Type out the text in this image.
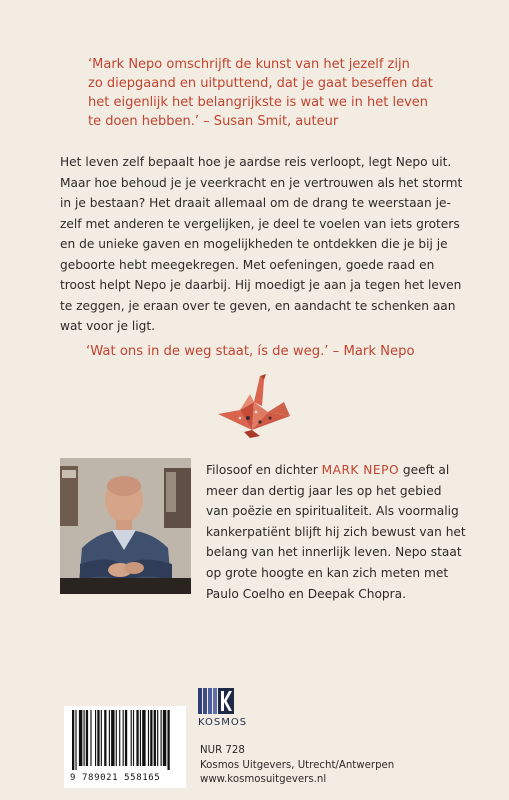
‘Mark Nepo omschrijft de kunst van het jezelf zijn
zo diepgaand en uitputtend, dat je gaat beseffen dat
het eigenlijk het belangrijkste is wat we in het leven
te doen hebben.’ – Susan Smit, auteur
Het leven zelf bepaalt hoe je aardse reis verloopt, legt Nepo uit.
Maar hoe behoud je je veerkracht en je vertrouwen als het stormt
in je bestaan? Het draait allemaal om de drang te weerstaan je-
zelf met anderen te vergelijken, je deel te voelen van iets groters
en de unieke gaven en mogelijkheden te ontdekken die je bij je
geboorte hebt meegekregen. Met oefeningen, goede raad en
troost helpt Nepo je daarbij. Hij moedigt je aan ja tegen het leven
te zeggen, je eraan over te geven, en aandacht te schenken aan
wat voor je ligt.
‘Wat ons in de weg staat, ís de weg.’ – Mark Nepo
Filosoof en dichter MARK NEPO geeft al
meer dan dertig jaar les op het gebied
van poëzie en spiritualiteit. Als voormalig
kankerpatiënt blijft hij zich bewust van het
belang van het innerlijk leven. Nepo staat
op grote hoogte en kan zich meten met
Paulo Coelho en Deepak Chopra.
KOSMOS
9 789021 558165
NUR 728
Kosmos Uitgevers, Utrecht/Antwerpen
www.kosmosuitgevers.nl
